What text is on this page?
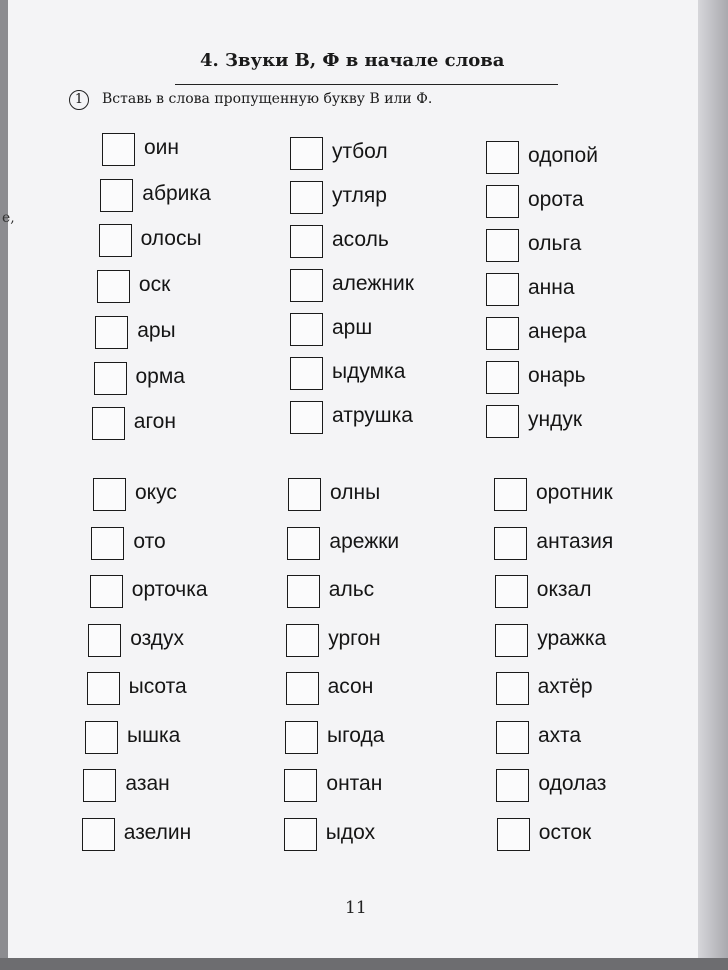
е,
4. Звуки В, Ф в начале слова
1	Вставь в слова пропущенную букву В или Ф.
оин
абрика
олосы
оск
ары
орма
агон
утбол
утляр
асоль
алежник
арш
ыдумка
атрушка
одопой
орота
ольга
анна
анера
онарь
ундук
окус
ото
орточка
оздух
ысота
ышка
азан
азелин
олны
арежки
альс
ургон
асон
ыгода
онтан
ыдох
оротник
антазия
окзал
уражка
ахтёр
ахта
одолаз
осток
11
